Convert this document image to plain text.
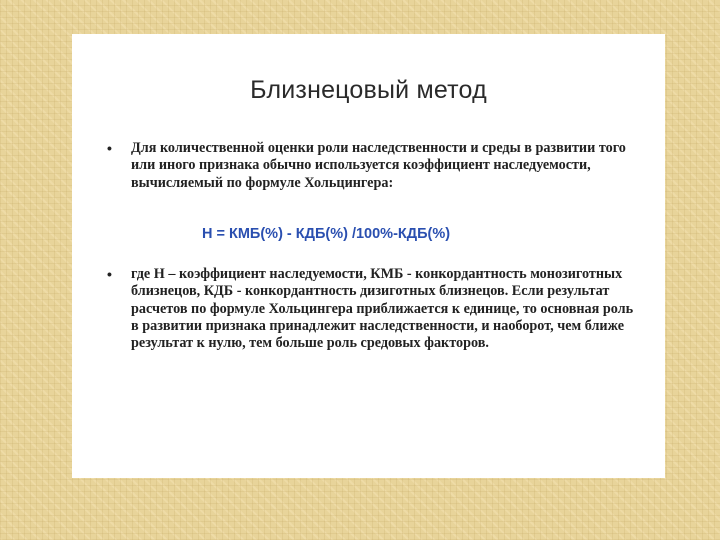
Близнецовый метод
• Для количественной оценки роли наследственности и среды в развитии того или иного признака обычно используется коэффициент наследуемости, вычисляемый по формуле Хольцингера:
H = КМБ(%) - КДБ(%) /100%-КДБ(%)
• где Н – коэффициент наследуемости, КМБ - конкордантность монозиготных близнецов, КДБ - конкордантность дизиготных близнецов. Если результат расчетов по формуле Хольцингера приближается к единице, то основная роль в развитии признака принадлежит наследственности, и наоборот, чем ближе результат к нулю, тем больше роль средовых факторов.
